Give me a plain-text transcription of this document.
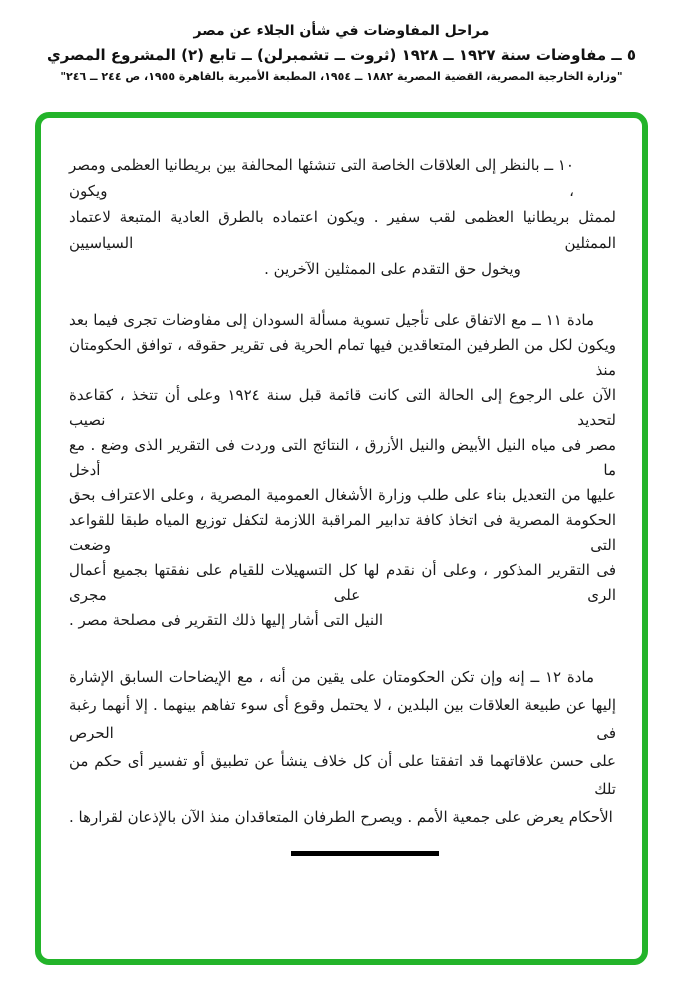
مراحل المفاوضات في شأن الجلاء عن مصر
٥ ــ مفاوضات سنة ١٩٢٧ ــ ١٩٢٨ (ثروت ــ تشمبرلن) ــ تابع (٢) المشروع المصري
"وزارة الخارجية المصرية، القضية المصرية ١٨٨٢ ــ ١٩٥٤، المطبعة الأميرية بالقاهرة ١٩٥٥، ص ٢٤٤ ــ ٢٤٦"
١٠ ــ بالنظر إلى العلاقات الخاصة التى تنشئها المحالفة بين بريطانيا العظمى ومصر ، ويكون
لممثل بريطانيا العظمى لقب سفير . ويكون اعتماده بالطرق العادية المتبعة لاعتماد الممثلين السياسيين
ويخول حق التقدم على الممثلين الآخرين .
مادة ١١ ــ مع الاتفاق على تأجيل تسوية مسألة السودان إلى مفاوضات تجرى فيما بعد
ويكون لكل من الطرفين المتعاقدين فيها تمام الحرية فى تقرير حقوقه ، توافق الحكومتان منذ
الآن على الرجوع إلى الحالة التى كانت قائمة قبل سنة ١٩٢٤ وعلى أن تتخذ ، كقاعدة لتحديد نصيب
مصر فى مياه النيل الأبيض والنيل الأزرق ، النتائج التى وردت فى التقرير الذى وضع . مع ما أدخل
عليها من التعديل بناء على طلب وزارة الأشغال العمومية المصرية ، وعلى الاعتراف بحق
الحكومة المصرية فى اتخاذ كافة تدابير المراقبة اللازمة لتكفل توزيع المياه طبقا للقواعد التى وضعت
فى التقرير المذكور ، وعلى أن نقدم لها كل التسهيلات للقيام على نفقتها بجميع أعمال الرى على مجرى
النيل التى أشار إليها ذلك التقرير فى مصلحة مصر .
مادة ١٢ ــ إنه وإن تكن الحكومتان على يقين من أنه ، مع الإيضاحات السابق الإشارة
إليها عن طبيعة العلاقات بين البلدين ، لا يحتمل وقوع أى سوء تفاهم بينهما . إلا أنهما رغبة فى الحرص
على حسن علاقاتهما قد اتفقتا على أن كل خلاف ينشأ عن تطبيق أو تفسير أى حكم من تلك
الأحكام يعرض على جمعية الأمم . ويصرح الطرفان المتعاقدان منذ الآن بالإذعان لقرارها .
